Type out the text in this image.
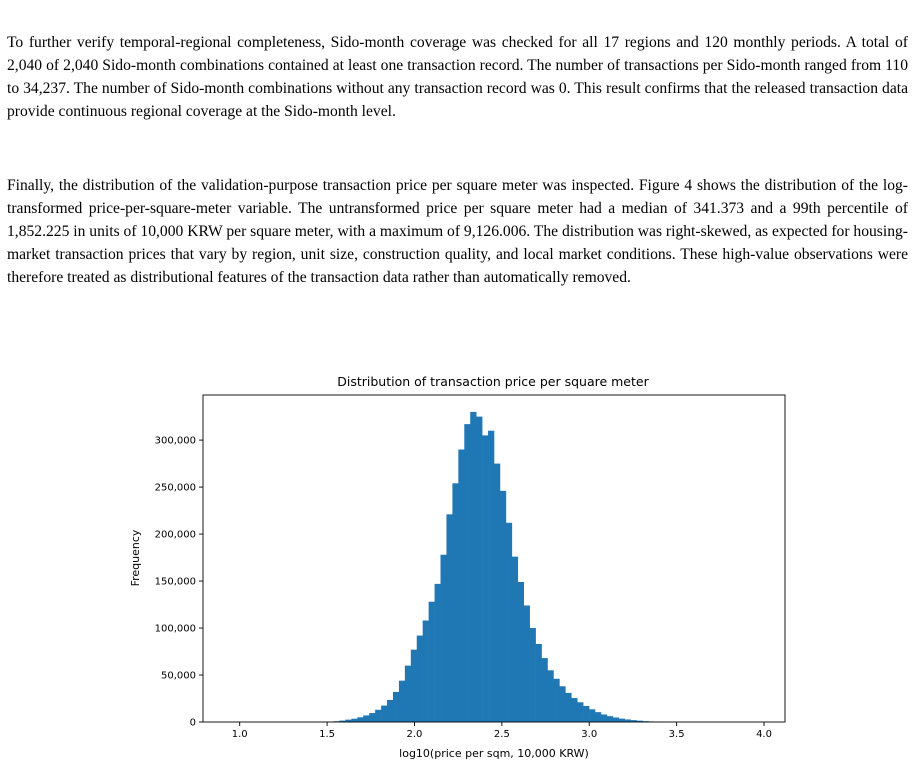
To further verify temporal-regional completeness, Sido-month coverage was checked for all 17 regions and 120 monthly periods. A total of 2,040 of 2,040 Sido-month combinations contained at least one transaction record. The number of transactions per Sido-month ranged from 110 to 34,237. The number of Sido-month combinations without any transaction record was 0. This result confirms that the released transaction data provide continuous regional coverage at the Sido-month level.

Finally, the distribution of the validation-purpose transaction price per square meter was inspected. Figure 4 shows the distribution of the log-transformed price-per-square-meter variable. The untransformed price per square meter had a median of 341.373 and a 99th percentile of 1,852.225 in units of 10,000 KRW per square meter, with a maximum of 9,126.006. The distribution was right-skewed, as expected for housing-market transaction prices that vary by region, unit size, construction quality, and local market conditions. These high-value observations were therefore treated as distributional features of the transaction data rather than automatically removed.

Distribution of transaction price per square meter
1.0	1.5	2.0	2.5	3.0	3.5	4.0
0
50,000
100,000
150,000
200,000
250,000
300,000
log10(price per sqm, 10,000 KRW)
Frequency
